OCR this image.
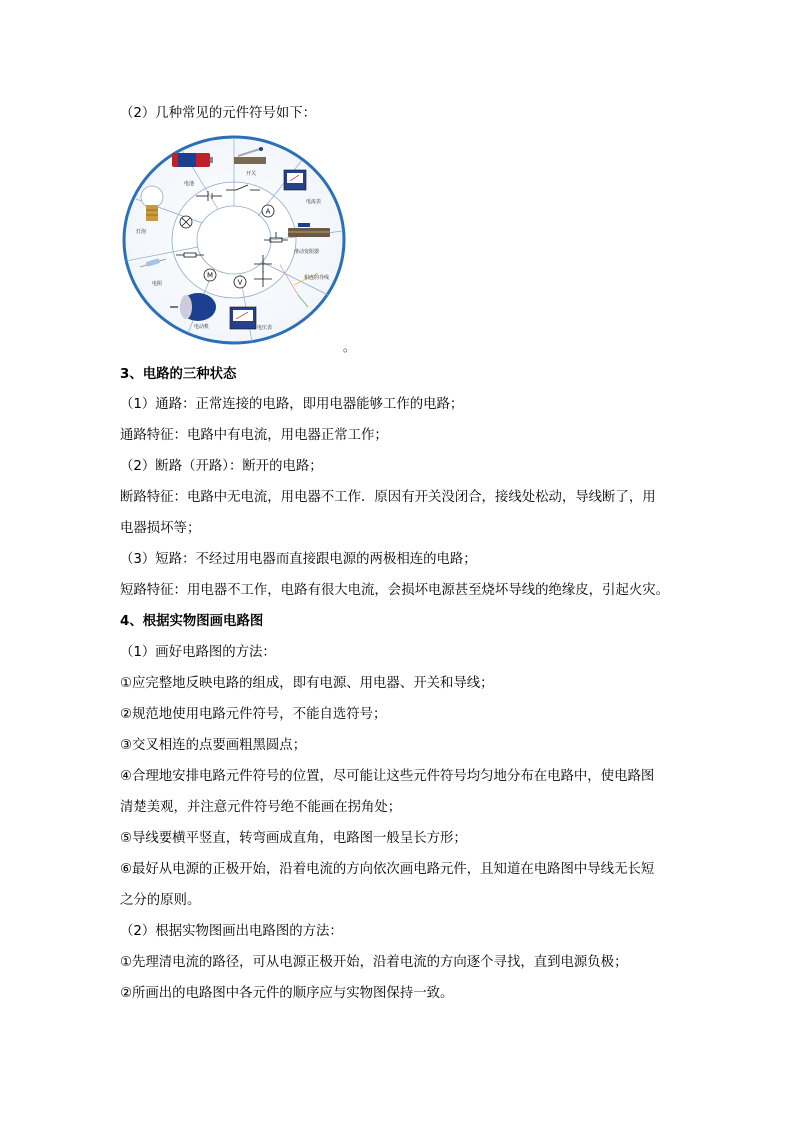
（2）几种常见的元件符号如下：
电池
开关
电流表
滑动变阻器
相连的导线
电压表
电动机
电阻
灯泡
A
V
M
。
3、电路的三种状态
（1）通路：正常连接的电路，即用电器能够工作的电路；
通路特征：电路中有电流，用电器正常工作；
（2）断路（开路）：断开的电路；
断路特征：电路中无电流，用电器不工作．原因有开关没闭合，接线处松动，导线断了，用
电器损坏等；
（3）短路：不经过用电器而直接跟电源的两极相连的电路；
短路特征：用电器不工作，电路有很大电流，会损坏电源甚至烧坏导线的绝缘皮，引起火灾。
4、根据实物图画电路图
（1）画好电路图的方法：
①应完整地反映电路的组成，即有电源、用电器、开关和导线；
②规范地使用电路元件符号，不能自选符号；
③交叉相连的点要画粗黑圆点；
④合理地安排电路元件符号的位置，尽可能让这些元件符号均匀地分布在电路中，使电路图
清楚美观，并注意元件符号绝不能画在拐角处；
⑤导线要横平竖直，转弯画成直角，电路图一般呈长方形；
⑥最好从电源的正极开始，沿着电流的方向依次画电路元件，且知道在电路图中导线无长短
之分的原则。
（2）根据实物图画出电路图的方法：
①先理清电流的路径，可从电源正极开始，沿着电流的方向逐个寻找，直到电源负极；
②所画出的电路图中各元件的顺序应与实物图保持一致。
